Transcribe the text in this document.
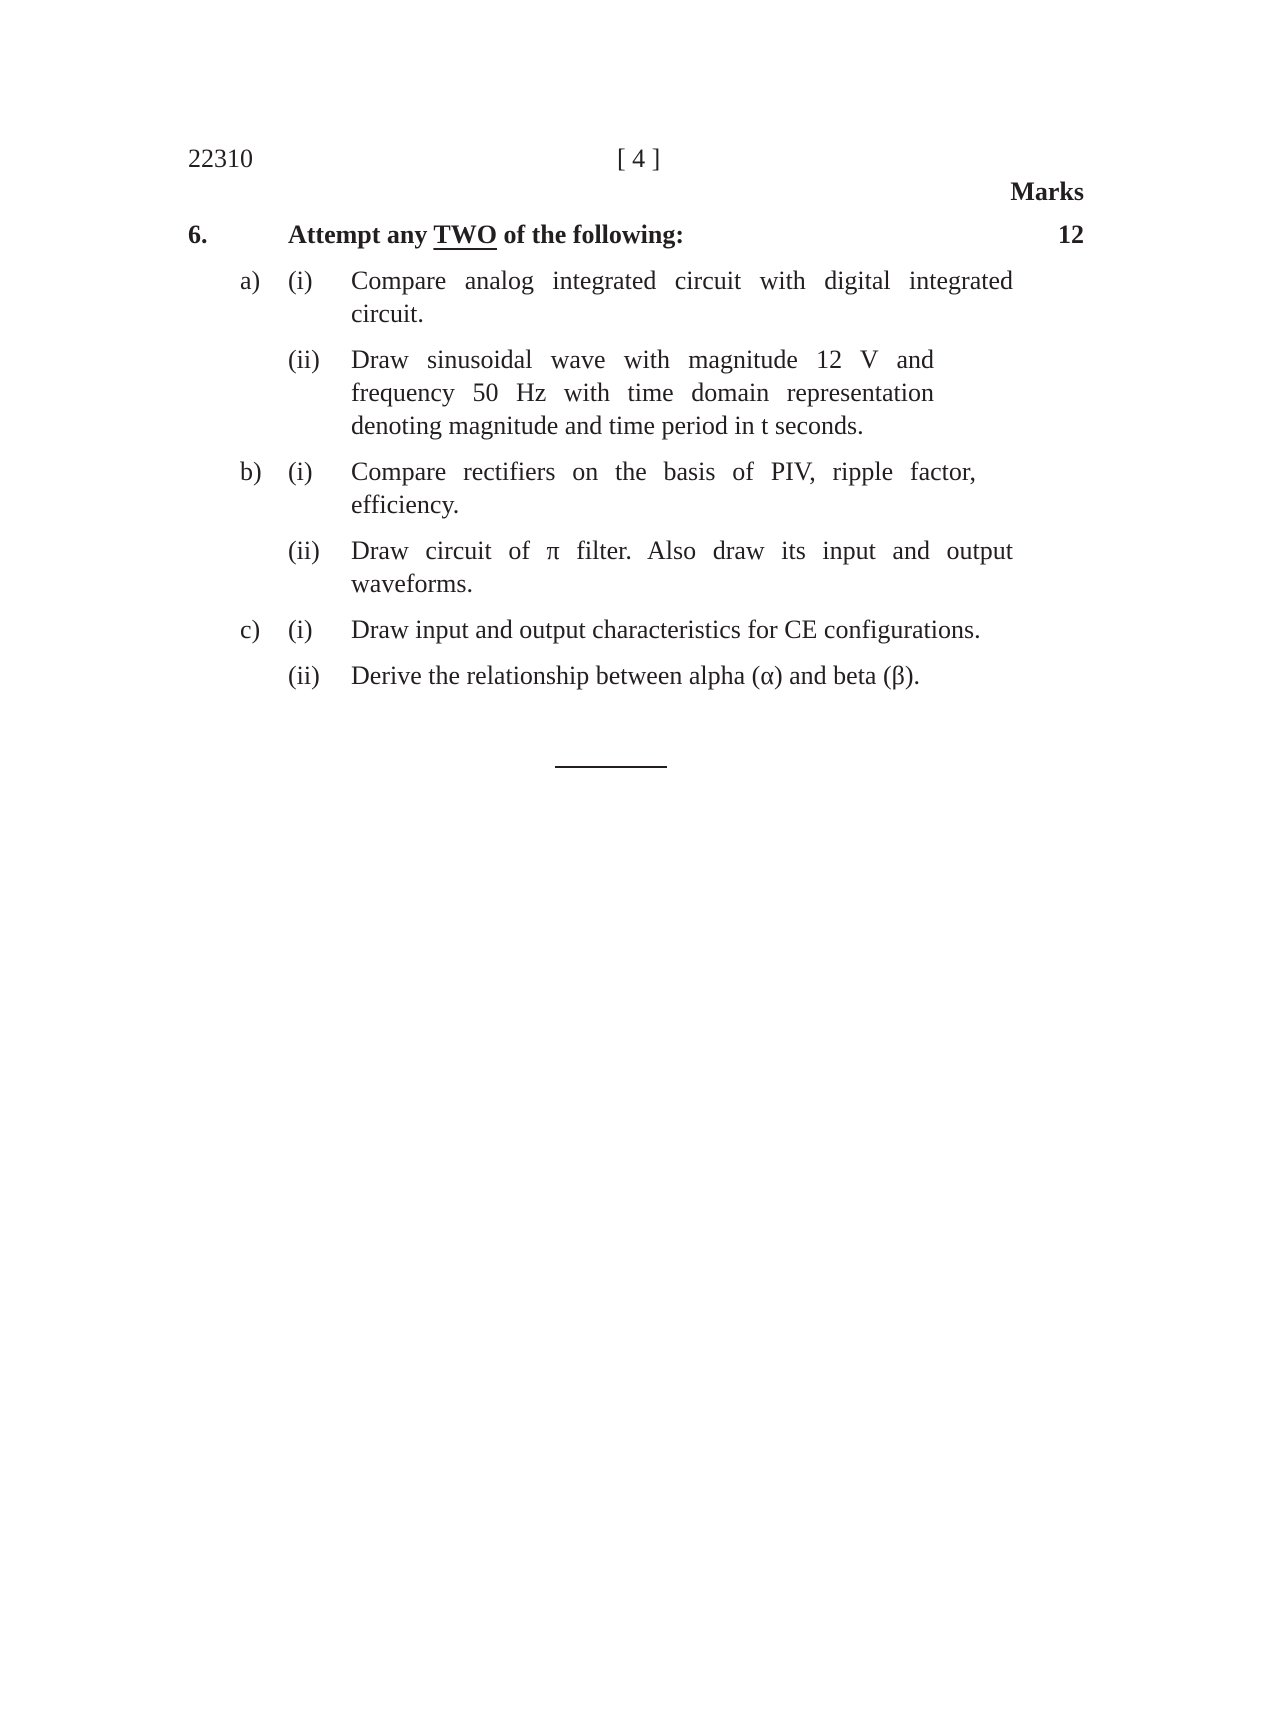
22310	[ 4 ]
Marks
6.	Attempt any TWO of the following:	12
a) (i) Compare analog integrated circuit with digital integrated circuit.
(ii) Draw sinusoidal wave with magnitude 12 V and frequency 50 Hz with time domain representation denoting magnitude and time period in t seconds.
b) (i) Compare rectifiers on the basis of PIV, ripple factor, efficiency.
(ii) Draw circuit of π filter. Also draw its input and output waveforms.
c) (i) Draw input and output characteristics for CE configurations.
(ii) Derive the relationship between alpha (α) and beta (β).
